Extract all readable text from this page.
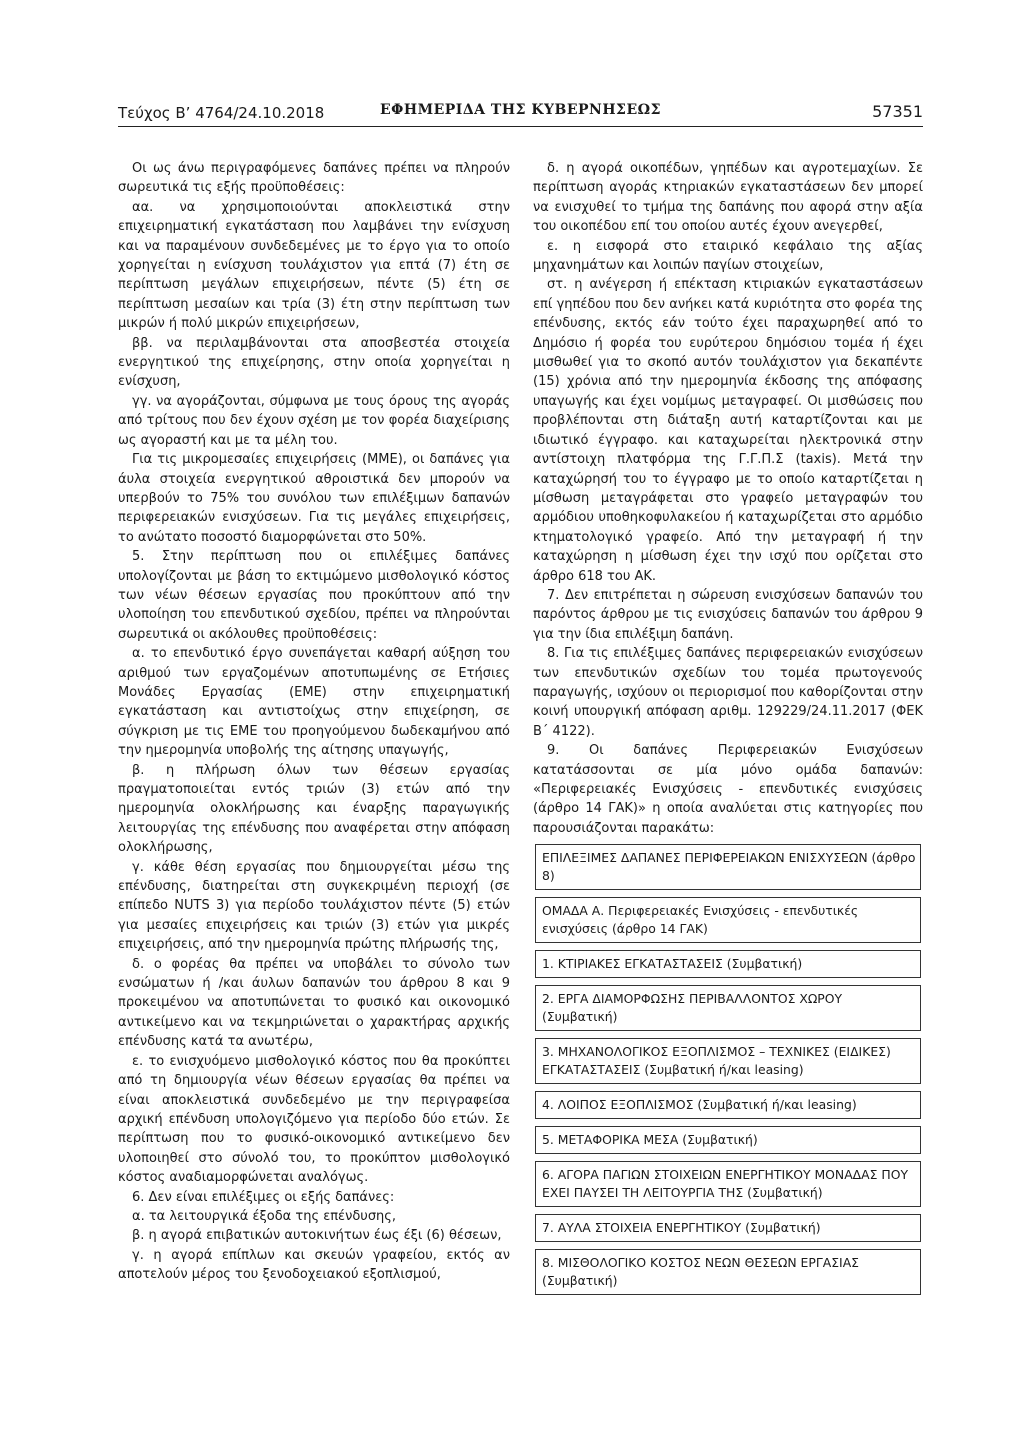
Τεύχος Β’ 4764/24.10.2018	ΕΦΗΜΕΡΙΔΑ ΤΗΣ ΚΥΒΕΡΝΗΣΕΩΣ	57351

Οι ως άνω περιγραφόμενες δαπάνες πρέπει να πληρούν σωρευτικά τις εξής προϋποθέσεις:

αα. να χρησιμοποιούνται αποκλειστικά στην επιχειρηματική εγκατάσταση που λαμβάνει την ενίσχυση και να παραμένουν συνδεδεμένες με το έργο για το οποίο χορηγείται η ενίσχυση τουλάχιστον για επτά (7) έτη σε περίπτωση μεγάλων επιχειρήσεων, πέντε (5) έτη σε περίπτωση μεσαίων και τρία (3) έτη στην περίπτωση των μικρών ή πολύ μικρών επιχειρήσεων,

ββ. να περιλαμβάνονται στα αποσβεστέα στοιχεία ενεργητικού της επιχείρησης, στην οποία χορηγείται η ενίσχυση,

γγ. να αγοράζονται, σύμφωνα με τους όρους της αγοράς από τρίτους που δεν έχουν σχέση με τον φορέα διαχείρισης ως αγοραστή και με τα μέλη του.

Για τις μικρομεσαίες επιχειρήσεις (ΜΜΕ), οι δαπάνες για άυλα στοιχεία ενεργητικού αθροιστικά δεν μπορούν να υπερβούν το 75% του συνόλου των επιλέξιμων δαπανών περιφερειακών ενισχύσεων. Για τις μεγάλες επιχειρήσεις, το ανώτατο ποσοστό διαμορφώνεται στο 50%.

5. Στην περίπτωση που οι επιλέξιμες δαπάνες υπολογίζονται με βάση το εκτιμώμενο μισθολογικό κόστος των νέων θέσεων εργασίας που προκύπτουν από την υλοποίηση του επενδυτικού σχεδίου, πρέπει να πληρούνται σωρευτικά οι ακόλουθες προϋποθέσεις:

α. το επενδυτικό έργο συνεπάγεται καθαρή αύξηση του αριθμού των εργαζομένων αποτυπωμένης σε Ετήσιες Μονάδες Εργασίας (ΕΜΕ) στην επιχειρηματική εγκατάσταση και αντιστοίχως στην επιχείρηση, σε σύγκριση με τις ΕΜΕ του προηγούμενου δωδεκαμήνου από την ημερομηνία υποβολής της αίτησης υπαγωγής,

β. η πλήρωση όλων των θέσεων εργασίας πραγματοποιείται εντός τριών (3) ετών από την ημερομηνία ολοκλήρωσης και έναρξης παραγωγικής λειτουργίας της επένδυσης που αναφέρεται στην απόφαση ολοκλήρωσης,

γ. κάθε θέση εργασίας που δημιουργείται μέσω της επένδυσης, διατηρείται στη συγκεκριμένη περιοχή (σε επίπεδο NUTS 3) για περίοδο τουλάχιστον πέντε (5) ετών για μεσαίες επιχειρήσεις και τριών (3) ετών για μικρές επιχειρήσεις, από την ημερομηνία πρώτης πλήρωσής της,

δ. ο φορέας θα πρέπει να υποβάλει το σύνολο των ενσώματων ή /και άυλων δαπανών του άρθρου 8 και 9 προκειμένου να αποτυπώνεται το φυσικό και οικονομικό αντικείμενο και να τεκμηριώνεται ο χαρακτήρας αρχικής επένδυσης κατά τα ανωτέρω,

ε. το ενισχυόμενο μισθολογικό κόστος που θα προκύπτει από τη δημιουργία νέων θέσεων εργασίας θα πρέπει να είναι αποκλειστικά συνδεδεμένο με την περιγραφείσα αρχική επένδυση υπολογιζόμενο για περίοδο δύο ετών. Σε περίπτωση που το φυσικό-οικονομικό αντικείμενο δεν υλοποιηθεί στο σύνολό του, το προκύπτον μισθολογικό κόστος αναδιαμορφώνεται αναλόγως.

6. Δεν είναι επιλέξιμες οι εξής δαπάνες:

α. τα λειτουργικά έξοδα της επένδυσης,

β. η αγορά επιβατικών αυτοκινήτων έως έξι (6) θέσεων,

γ. η αγορά επίπλων και σκευών γραφείου, εκτός αν αποτελούν μέρος του ξενοδοχειακού εξοπλισμού,

δ. η αγορά οικοπέδων, γηπέδων και αγροτεμαχίων. Σε περίπτωση αγοράς κτηριακών εγκαταστάσεων δεν μπορεί να ενισχυθεί το τμήμα της δαπάνης που αφορά στην αξία του οικοπέδου επί του οποίου αυτές έχουν ανεγερθεί,

ε. η εισφορά στο εταιρικό κεφάλαιο της αξίας μηχανημάτων και λοιπών παγίων στοιχείων,

στ. η ανέγερση ή επέκταση κτιριακών εγκαταστάσεων επί γηπέδου που δεν ανήκει κατά κυριότητα στο φορέα της επένδυσης, εκτός εάν τούτο έχει παραχωρηθεί από το Δημόσιο ή φορέα του ευρύτερου δημόσιου τομέα ή έχει μισθωθεί για το σκοπό αυτόν τουλάχιστον για δεκαπέντε (15) χρόνια από την ημερομηνία έκδοσης της απόφασης υπαγωγής και έχει νομίμως μεταγραφεί. Οι μισθώσεις που προβλέπονται στη διάταξη αυτή καταρτίζονται και με ιδιωτικό έγγραφο. και καταχωρείται ηλεκτρονικά στην αντίστοιχη πλατφόρμα της Γ.Γ.Π.Σ (taxis). Μετά την καταχώρησή του το έγγραφο με το οποίο καταρτίζεται η μίσθωση μεταγράφεται στο γραφείο μεταγραφών του αρμόδιου υποθηκοφυλακείου ή καταχωρίζεται στο αρμόδιο κτηματολογικό γραφείο. Από την μεταγραφή ή την καταχώρηση η μίσθωση έχει την ισχύ που ορίζεται στο άρθρο 618 του ΑΚ.

7. Δεν επιτρέπεται η σώρευση ενισχύσεων δαπανών του παρόντος άρθρου με τις ενισχύσεις δαπανών του άρθρου 9 για την ίδια επιλέξιμη δαπάνη.

8. Για τις επιλέξιμες δαπάνες περιφερειακών ενισχύσεων των επενδυτικών σχεδίων του τομέα πρωτογενούς παραγωγής, ισχύουν οι περιορισμοί που καθορίζονται στην κοινή υπουργική απόφαση αριθμ. 129229/24.11.2017 (ΦΕΚ Β΄ 4122).

9. Οι δαπάνες Περιφερειακών Ενισχύσεων κατατάσσονται σε μία μόνο ομάδα δαπανών: «Περιφερειακές Ενισχύσεις - επενδυτικές ενισχύσεις (άρθρο 14 ΓΑΚ)» η οποία αναλύεται στις κατηγορίες που παρουσιάζονται παρακάτω:

ΕΠΙΛΕΞΙΜΕΣ ΔΑΠΑΝΕΣ ΠΕΡΙΦΕΡΕΙΑΚΩΝ ΕΝΙΣΧΥΣΕΩΝ (άρθρο 8)

ΟΜΑΔΑ Α. Περιφερειακές Ενισχύσεις - επενδυτικές ενισχύσεις (άρθρο 14 ΓΑΚ)

1. ΚΤΙΡΙΑΚΕΣ ΕΓΚΑΤΑΣΤΑΣΕΙΣ (Συμβατική)

2. ΕΡΓΑ ΔΙΑΜΟΡΦΩΣΗΣ ΠΕΡΙΒΑΛΛΟΝΤΟΣ ΧΩΡΟΥ (Συμβατική)

3. ΜΗΧΑΝΟΛΟΓΙΚΟΣ ΕΞΟΠΛΙΣΜΟΣ – ΤΕΧΝΙΚΕΣ (ΕΙΔΙΚΕΣ) ΕΓΚΑΤΑΣΤΑΣΕΙΣ (Συμβατική ή/και leasing)

4. ΛΟΙΠΟΣ ΕΞΟΠΛΙΣΜΟΣ (Συμβατική ή/και leasing)

5. ΜΕΤΑΦΟΡΙΚΑ ΜΕΣΑ (Συμβατική)

6. ΑΓΟΡΑ ΠΑΓΙΩΝ ΣΤΟΙΧΕΙΩΝ ΕΝΕΡΓΗΤΙΚΟΥ ΜΟΝΑΔΑΣ ΠΟΥ ΕΧΕΙ ΠΑΥΣΕΙ ΤΗ ΛΕΙΤΟΥΡΓΙΑ ΤΗΣ (Συμβατική)

7. ΑΥΛΑ ΣΤΟΙΧΕΙΑ ΕΝΕΡΓΗΤΙΚΟΥ (Συμβατική)

8. ΜΙΣΘΟΛΟΓΙΚΟ ΚΟΣΤΟΣ ΝΕΩΝ ΘΕΣΕΩΝ ΕΡΓΑΣΙΑΣ (Συμβατική)
